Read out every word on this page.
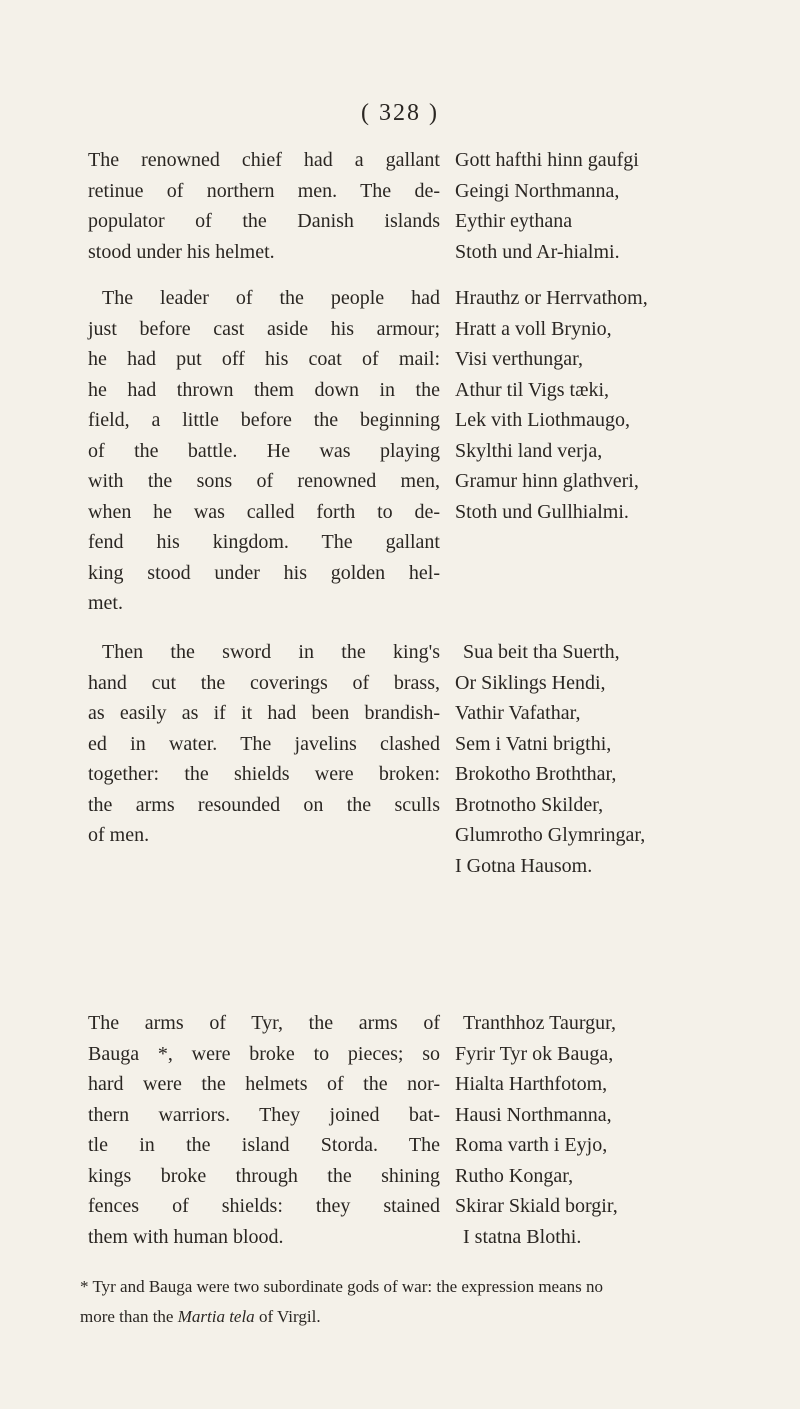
( 328 )
The renowned chief had a gallant
retinue of northern men. The de-
populator of the Danish islands
stood under his helmet.
Gott hafthi hinn gaufgi
Geingi Northmanna,
Eythir eythana
Stoth und Ar-hialmi.
The leader of the people had
just before cast aside his armour;
he had put off his coat of mail:
he had thrown them down in the
field, a little before the beginning
of the battle. He was playing
with the sons of renowned men,
when he was called forth to de-
fend his kingdom. The gallant
king stood under his golden hel-
met.
Hrauthz or Herrvathom,
Hratt a voll Brynio,
Visi verthungar,
Athur til Vigs tæki,
Lek vith Liothmaugo,
Skylthi land verja,
Gramur hinn glathveri,
Stoth und Gullhialmi.
Then the sword in the king's
hand cut the coverings of brass,
as easily as if it had been brandish-
ed in water. The javelins clashed
together: the shields were broken:
the arms resounded on the sculls
of men.
Sua beit tha Suerth,
Or Siklings Hendi,
Vathir Vafathar,
Sem i Vatni brigthi,
Brokotho Broththar,
Brotnotho Skilder,
Glumrotho Glymringar,
I Gotna Hausom.
The arms of Tyr, the arms of
Bauga *, were broke to pieces; so
hard were the helmets of the nor-
thern warriors. They joined bat-
tle in the island Storda. The
kings broke through the shining
fences of shields: they stained
them with human blood.
Tranthhoz Taurgur,
Fyrir Tyr ok Bauga,
Hialta Harthfotom,
Hausi Northmanna,
Roma varth i Eyjo,
Rutho Kongar,
Skirar Skiald borgir,
I statna Blothi.
* Tyr and Bauga were two subordinate gods of war: the expression means no
more than the Martia tela of Virgil.
